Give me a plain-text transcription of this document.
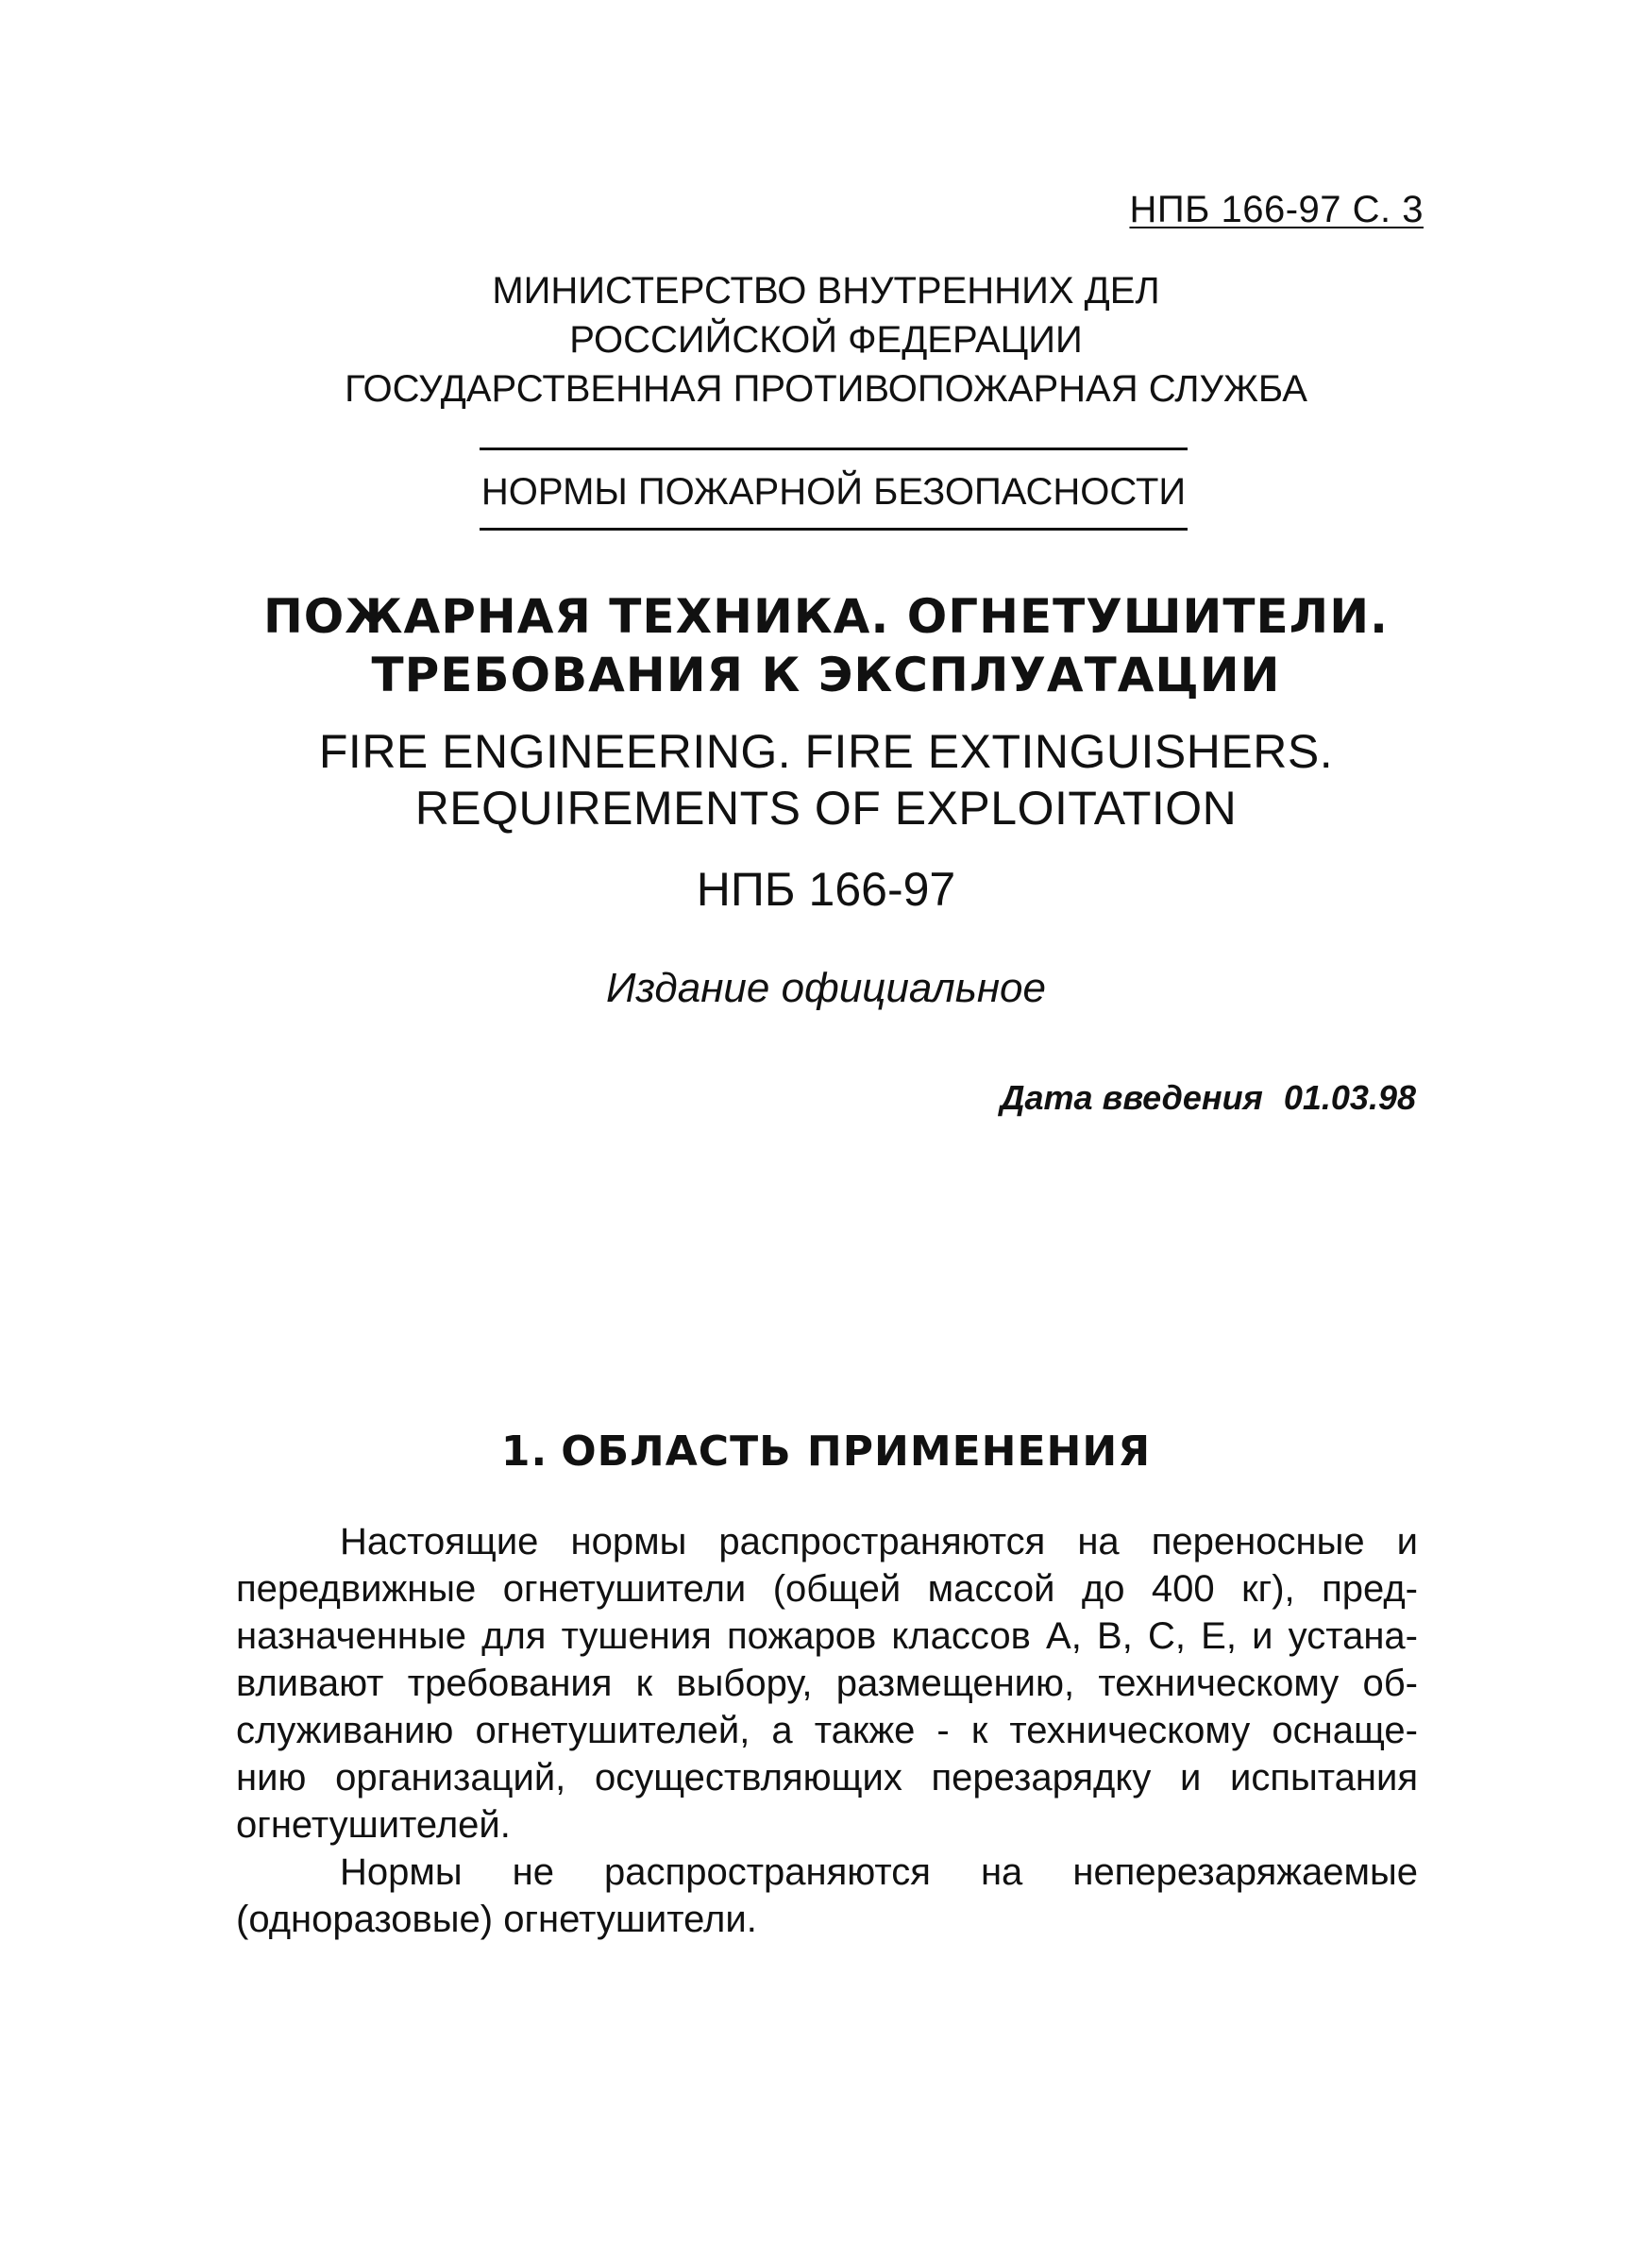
НПБ 166-97 С. 3
МИНИСТЕРСТВО ВНУТРЕННИХ ДЕЛ
РОССИЙСКОЙ ФЕДЕРАЦИИ
ГОСУДАРСТВЕННАЯ ПРОТИВОПОЖАРНАЯ СЛУЖБА
НОРМЫ ПОЖАРНОЙ БЕЗОПАСНОСТИ
ПОЖАРНАЯ ТЕХНИКА. ОГНЕТУШИТЕЛИ.
ТРЕБОВАНИЯ К ЭКСПЛУАТАЦИИ
FIRE ENGINEERING. FIRE EXTINGUISHERS.
REQUIREMENTS OF EXPLOITATION
НПБ 166-97
Издание официальное
Дата введения 01.03.98
1. ОБЛАСТЬ ПРИМЕНЕНИЯ
Настоящие нормы распространяются на переносные и
передвижные огнетушители (общей массой до 400 кг), пред-
назначенные для тушения пожаров классов А, В, С, Е, и устана-
вливают требования к выбору, размещению, техническому об-
служиванию огнетушителей, а также - к техническому оснаще-
нию организаций, осуществляющих перезарядку и испытания
огнетушителей.
Нормы не распространяются на неперезаряжаемые
(одноразовые) огнетушители.
